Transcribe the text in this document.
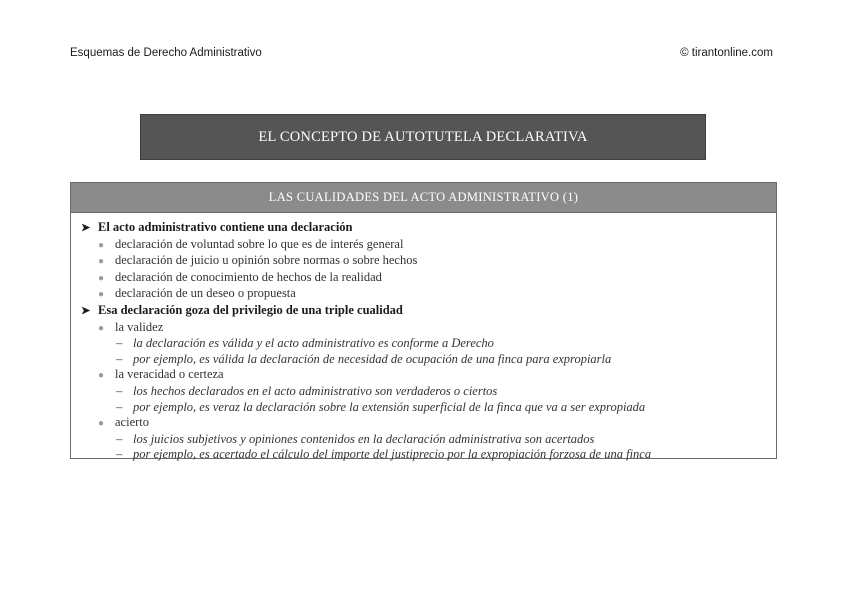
Esquemas de Derecho Administrativo	© tirantonline.com
EL CONCEPTO DE AUTOTUTELA DECLARATIVA
LAS CUALIDADES DEL ACTO ADMINISTRATIVO (1)
➤ El acto administrativo contiene una declaración
● declaración de voluntad sobre lo que es de interés general
● declaración de juicio u opinión sobre normas o sobre hechos
● declaración de conocimiento de hechos de la realidad
● declaración de un deseo o propuesta
➤ Esa declaración goza del privilegio de una triple cualidad
● la validez
– la declaración es válida y el acto administrativo es conforme a Derecho
– por ejemplo, es válida la declaración de necesidad de ocupación de una finca para expropiarla
● la veracidad o certeza
– los hechos declarados en el acto administrativo son verdaderos o ciertos
– por ejemplo, es veraz la declaración sobre la extensión superficial de la finca que va a ser expropiada
● acierto
– los juicios subjetivos y opiniones contenidos en la declaración administrativa son acertados
– por ejemplo, es acertado el cálculo del importe del justiprecio por la expropiación forzosa de una finca
